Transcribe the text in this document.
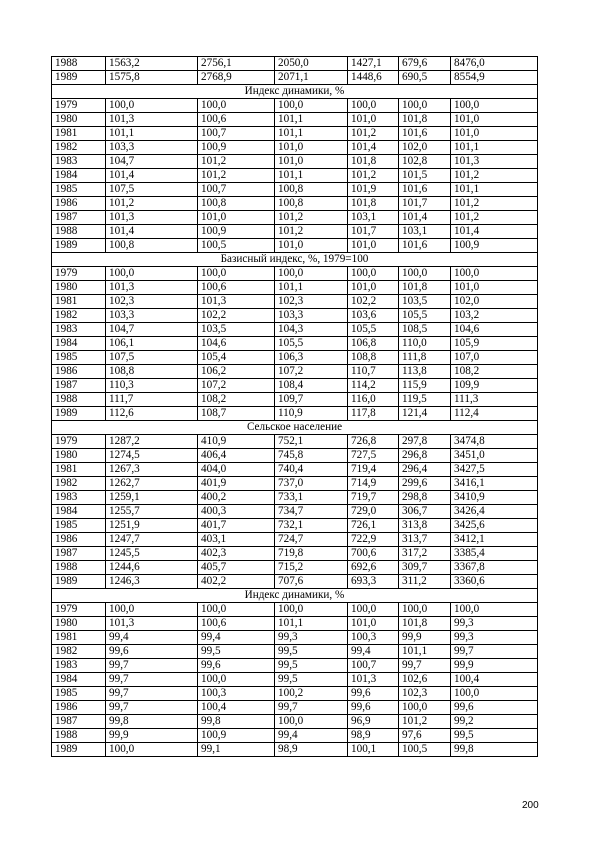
1988	1563,2	2756,1	2050,0	1427,1	679,6	8476,0
1989	1575,8	2768,9	2071,1	1448,6	690,5	8554,9
Индекс динамики, %						
1979	100,0	100,0	100,0	100,0	100,0	100,0
1980	101,3	100,6	101,1	101,0	101,8	101,0
1981	101,1	100,7	101,1	101,2	101,6	101,0
1982	103,3	100,9	101,0	101,4	102,0	101,1
1983	104,7	101,2	101,0	101,8	102,8	101,3
1984	101,4	101,2	101,1	101,2	101,5	101,2
1985	107,5	100,7	100,8	101,9	101,6	101,1
1986	101,2	100,8	100,8	101,8	101,7	101,2
1987	101,3	101,0	101,2	103,1	101,4	101,2
1988	101,4	100,9	101,2	101,7	103,1	101,4
1989	100,8	100,5	101,0	101,0	101,6	100,9
Базисный индекс, %, 1979=100						
1979	100,0	100,0	100,0	100,0	100,0	100,0
1980	101,3	100,6	101,1	101,0	101,8	101,0
1981	102,3	101,3	102,3	102,2	103,5	102,0
1982	103,3	102,2	103,3	103,6	105,5	103,2
1983	104,7	103,5	104,3	105,5	108,5	104,6
1984	106,1	104,6	105,5	106,8	110,0	105,9
1985	107,5	105,4	106,3	108,8	111,8	107,0
1986	108,8	106,2	107,2	110,7	113,8	108,2
1987	110,3	107,2	108,4	114,2	115,9	109,9
1988	111,7	108,2	109,7	116,0	119,5	111,3
1989	112,6	108,7	110,9	117,8	121,4	112,4
Сельское население						
1979	1287,2	410,9	752,1	726,8	297,8	3474,8
1980	1274,5	406,4	745,8	727,5	296,8	3451,0
1981	1267,3	404,0	740,4	719,4	296,4	3427,5
1982	1262,7	401,9	737,0	714,9	299,6	3416,1
1983	1259,1	400,2	733,1	719,7	298,8	3410,9
1984	1255,7	400,3	734,7	729,0	306,7	3426,4
1985	1251,9	401,7	732,1	726,1	313,8	3425,6
1986	1247,7	403,1	724,7	722,9	313,7	3412,1
1987	1245,5	402,3	719,8	700,6	317,2	3385,4
1988	1244,6	405,7	715,2	692,6	309,7	3367,8
1989	1246,3	402,2	707,6	693,3	311,2	3360,6
Индекс динамики, %						
1979	100,0	100,0	100,0	100,0	100,0	100,0
1980	101,3	100,6	101,1	101,0	101,8	99,3
1981	99,4	99,4	99,3	100,3	99,9	99,3
1982	99,6	99,5	99,5	99,4	101,1	99,7
1983	99,7	99,6	99,5	100,7	99,7	99,9
1984	99,7	100,0	99,5	101,3	102,6	100,4
1985	99,7	100,3	100,2	99,6	102,3	100,0
1986	99,7	100,4	99,7	99,6	100,0	99,6
1987	99,8	99,8	100,0	96,9	101,2	99,2
1988	99,9	100,9	99,4	98,9	97,6	99,5
1989	100,0	99,1	98,9	100,1	100,5	99,8
200
